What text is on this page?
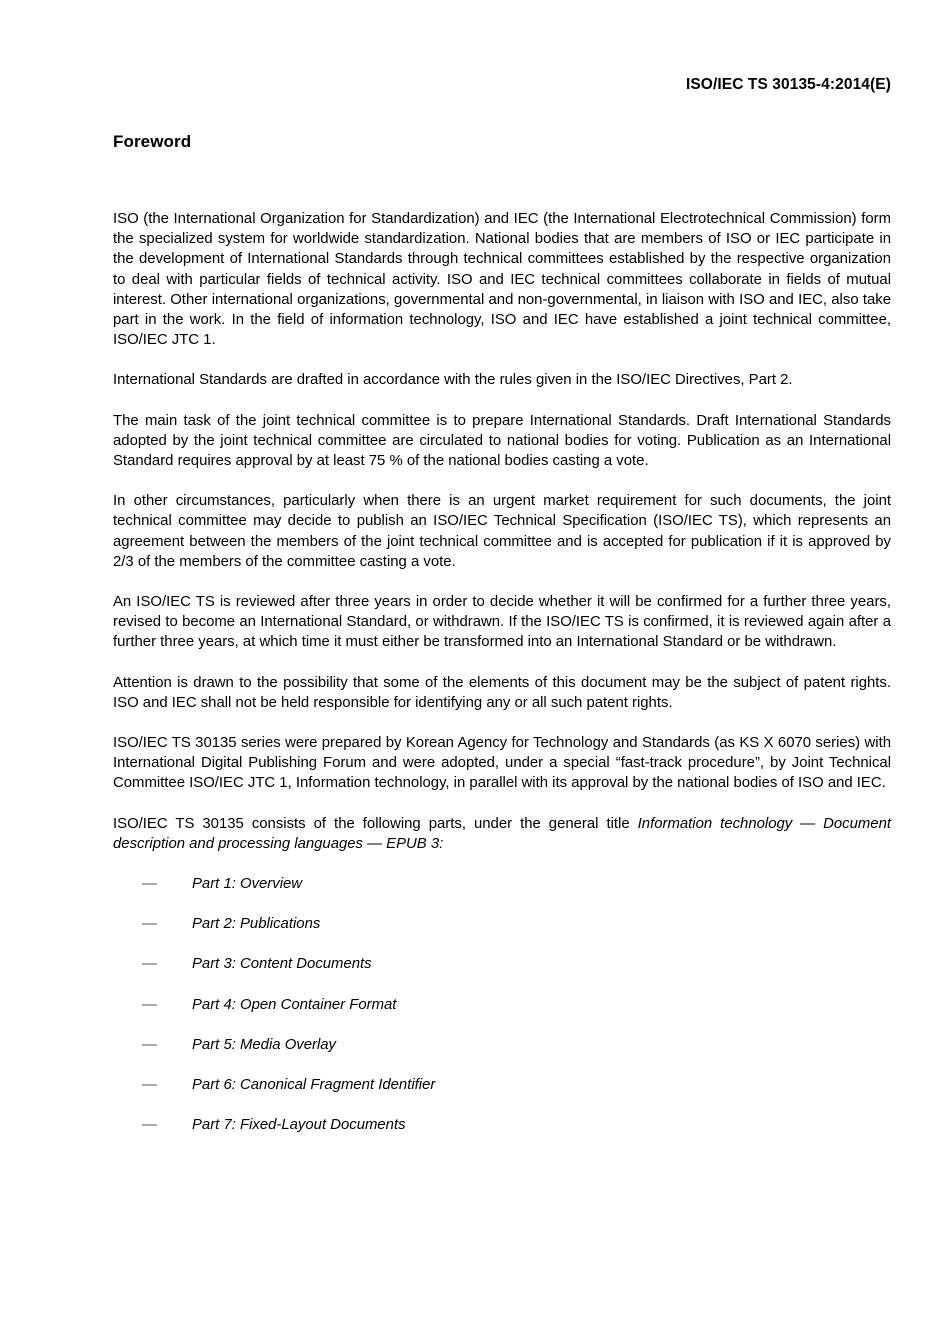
ISO/IEC TS 30135-4:2014(E)
Foreword

ISO (the International Organization for Standardization) and IEC (the International Electrotechnical Commission) form the specialized system for worldwide standardization. National bodies that are members of ISO or IEC participate in the development of International Standards through technical committees established by the respective organization to deal with particular fields of technical activity. ISO and IEC technical committees collaborate in fields of mutual interest. Other international organizations, governmental and non-governmental, in liaison with ISO and IEC, also take part in the work. In the field of information technology, ISO and IEC have established a joint technical committee, ISO/IEC JTC 1.

International Standards are drafted in accordance with the rules given in the ISO/IEC Directives, Part 2.

The main task of the joint technical committee is to prepare International Standards. Draft International Standards adopted by the joint technical committee are circulated to national bodies for voting. Publication as an International Standard requires approval by at least 75 % of the national bodies casting a vote.

In other circumstances, particularly when there is an urgent market requirement for such documents, the joint technical committee may decide to publish an ISO/IEC Technical Specification (ISO/IEC TS), which represents an agreement between the members of the joint technical committee and is accepted for publication if it is approved by 2/3 of the members of the committee casting a vote.

An ISO/IEC TS is reviewed after three years in order to decide whether it will be confirmed for a further three years, revised to become an International Standard, or withdrawn. If the ISO/IEC TS is confirmed, it is reviewed again after a further three years, at which time it must either be transformed into an International Standard or be withdrawn.

Attention is drawn to the possibility that some of the elements of this document may be the subject of patent rights. ISO and IEC shall not be held responsible for identifying any or all such patent rights.

ISO/IEC TS 30135 series were prepared by Korean Agency for Technology and Standards (as KS X 6070 series) with International Digital Publishing Forum and were adopted, under a special “fast-track procedure”, by Joint Technical Committee ISO/IEC JTC 1, Information technology, in parallel with its approval by the national bodies of ISO and IEC.

ISO/IEC TS 30135 consists of the following parts, under the general title Information technology — Document description and processing languages — EPUB 3:

— Part 1: Overview
— Part 2: Publications
— Part 3: Content Documents
— Part 4: Open Container Format
— Part 5: Media Overlay
— Part 6: Canonical Fragment Identifier
— Part 7: Fixed-Layout Documents
